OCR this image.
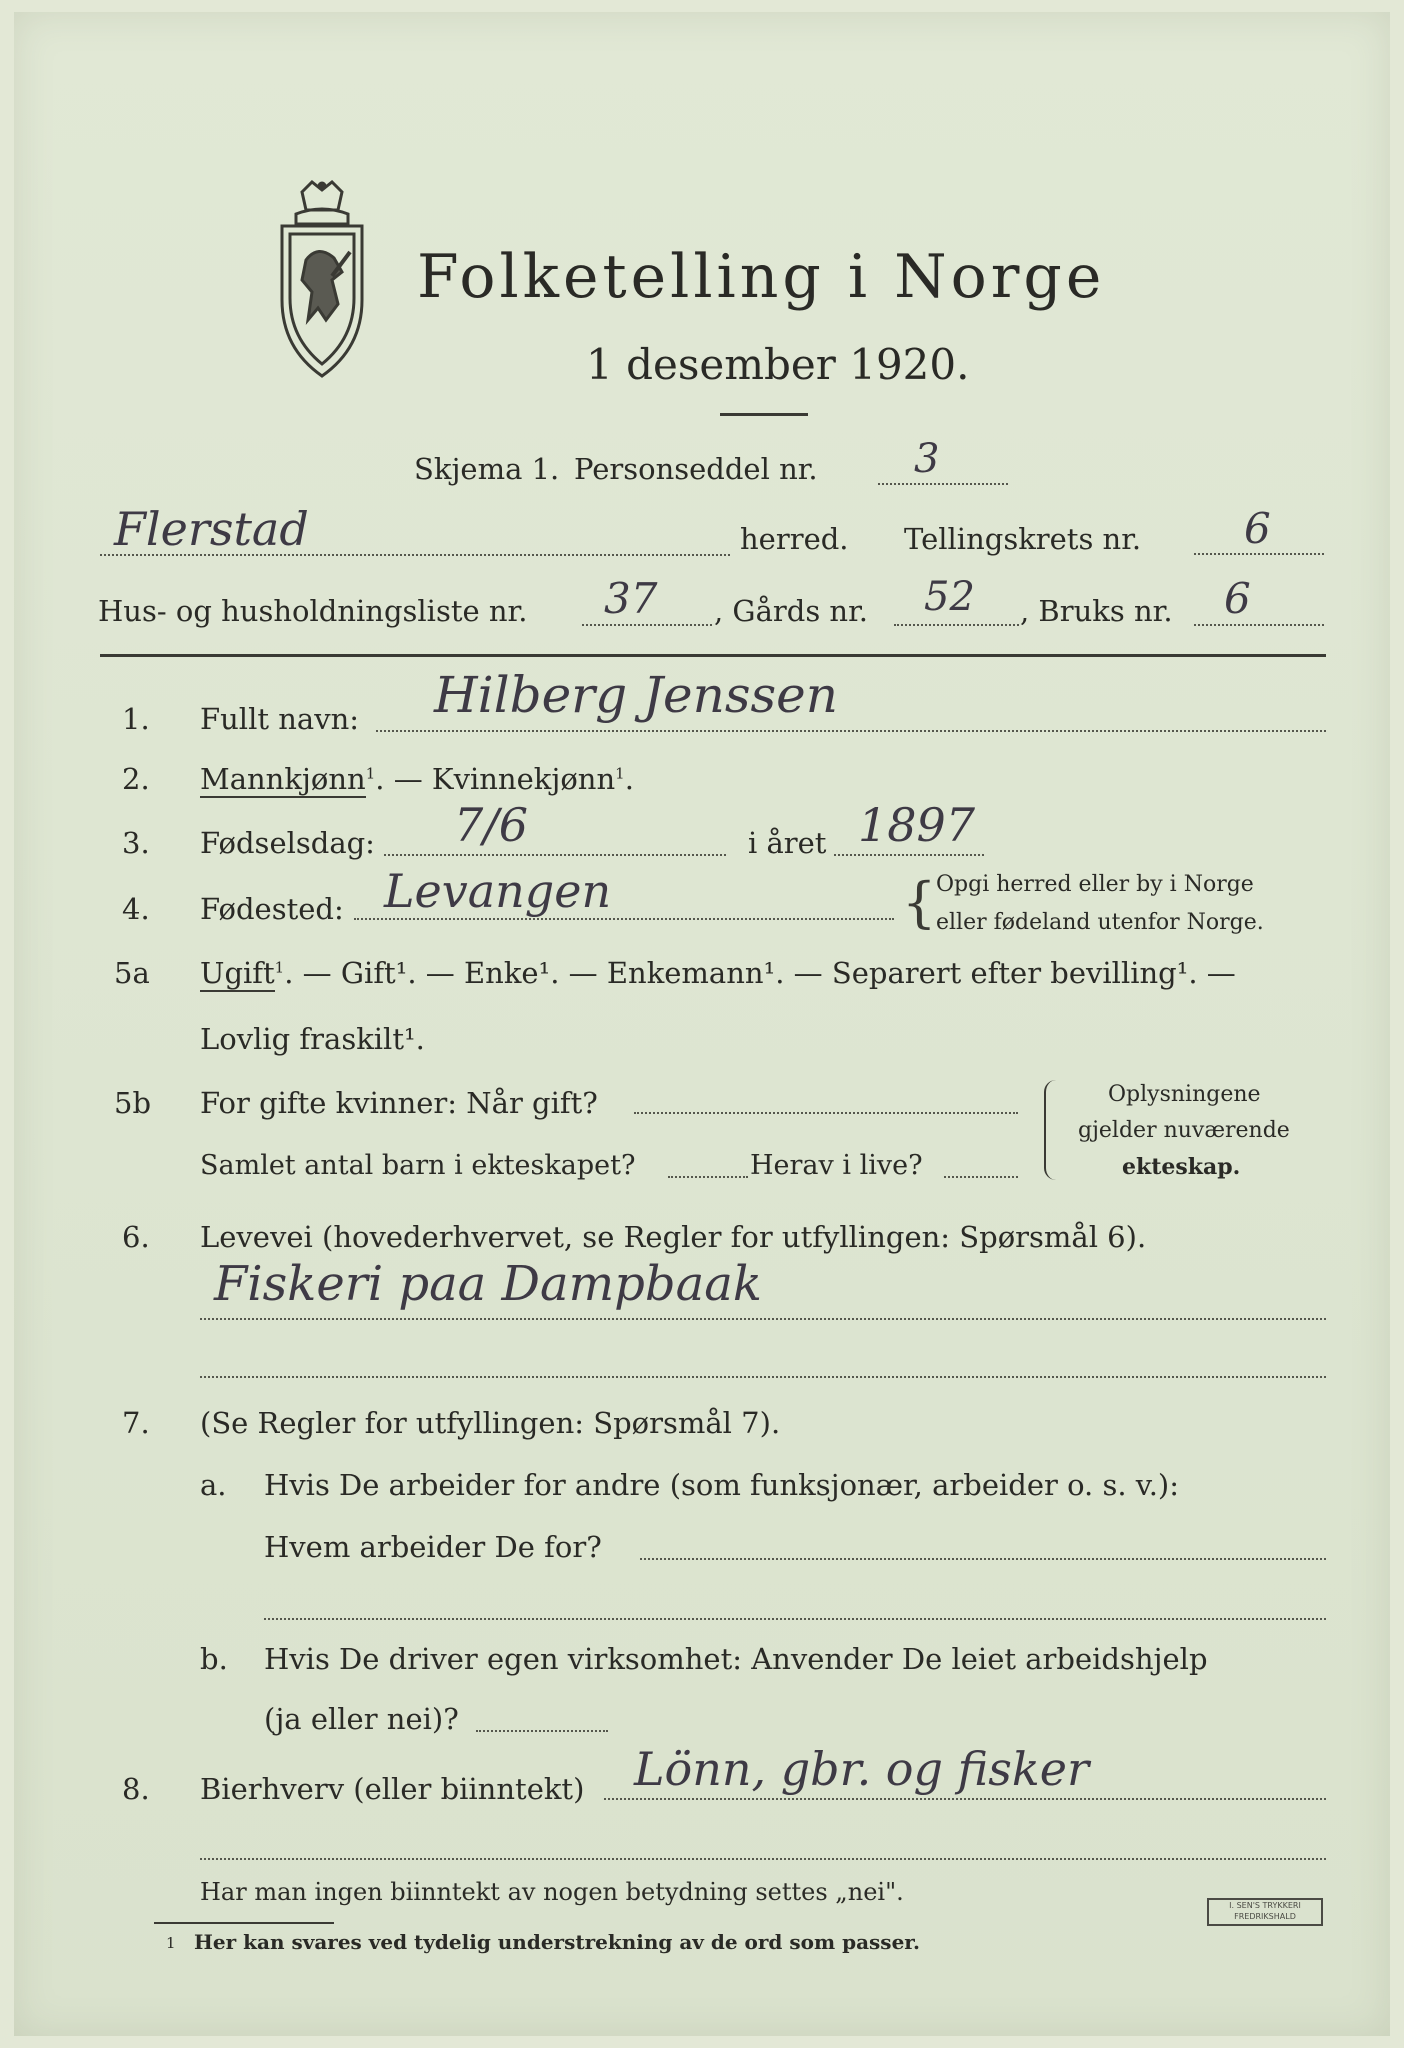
Folketelling i Norge
1 desember 1920.
Skjema 1. Personseddel nr. 3
Flerstad	herred. Tellingskrets nr. 6
Hus- og husholdningsliste nr. 37 , Gårds nr. 52 , Bruks nr. 6
1. Fullt navn: Hilberg Jenssen
2. Mannkjønn$^1$. — Kvinnekjønn$^1$.
3. Fødselsdag: 7/6	i året 1897
4. Fødested: Levangen	{ Opgi herred eller by i Norge
eller fødeland utenfor Norge.
5a Ugift$^1$. — Gift¹. — Enke¹. — Enkemann¹. — Separert efter bevilling¹. —
Lovlig fraskilt¹.
5b For gifte kvinner: Når gift?
Samlet antal barn i ekteskapet?	Herav i live?
Oplysningene
gjelder nuværende
ekteskap.
6. Levevei (hovederhvervet, se Regler for utfyllingen: Spørsmål 6).
Fiskeri paa Dampbaak
7. (Se Regler for utfyllingen: Spørsmål 7).
a. Hvis De arbeider for andre (som funksjonær, arbeider o. s. v.):
Hvem arbeider De for?
b. Hvis De driver egen virksomhet: Anvender De leiet arbeidshjelp
(ja eller nei)?
8. Bierhverv (eller biinntekt) Lönn, gbr. og fisker
Har man ingen biinntekt av nogen betydning settes „nei".
1 Her kan svares ved tydelig understrekning av de ord som passer.
I. SEN'S TRYKKERI
FREDRIKSHALD
